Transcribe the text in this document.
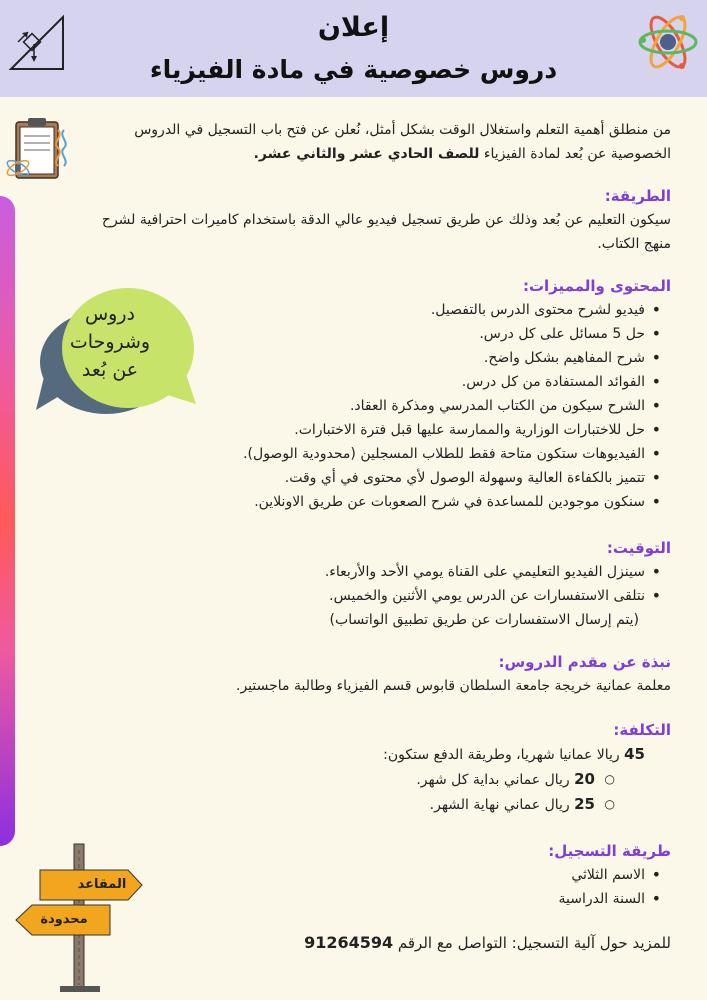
إعلان
دروس خصوصية في مادة الفيزياء
دروس
وشروحات
عن بُعد

من منطلق أهمية التعلم واستغلال الوقت بشكل أمثل، نُعلن عن فتح باب التسجيل في الدروس الخصوصية عن بُعد لمادة الفيزياء للصف الحادي عشر والثاني عشر.

الطريقة:

سيكون التعليم عن بُعد وذلك عن طريق تسجيل فيديو عالي الدقة باستخدام كاميرات احترافية لشرح منهج الكتاب.

المحتوى والمميزات:
• فيديو لشرح محتوى الدرس بالتفصيل.
• حل 5 مسائل على كل درس.
• شرح المفاهيم بشكل واضح.
• الفوائد المستفادة من كل درس.
• الشرح سيكون من الكتاب المدرسي ومذكرة العقاد.
• حل للاختبارات الوزارية والممارسة عليها قبل فترة الاختبارات.
• الفيديوهات ستكون متاحة فقط للطلاب المسجلين (محدودية الوصول).
• تتميز بالكفاءة العالية وسهولة الوصول لأي محتوى في أي وقت.
• سنكون موجودين للمساعدة في شرح الصعوبات عن طريق الاونلاين.
التوقيت:
• سينزل الفيديو التعليمي على القناة يومي الأحد والأربعاء.
• نتلقى الاستفسارات عن الدرس يومي الأثنين والخميس.

(يتم إرسال الاستفسارات عن طريق تطبيق الواتساب)

نبذة عن مقدم الدروس:

معلمة عمانية خريجة جامعة السلطان قابوس قسم الفيزياء وطالبة ماجستير.

التكلفة:

45 ريالا عمانيا شهريا، وطريقة الدفع ستكون:

○ 20 ريال عماني بداية كل شهر.
○ 25 ريال عماني نهاية الشهر.
طريقة التسجيل:
• الاسم الثلاثي
• السنة الدراسية

للمزيد حول آلية التسجيل: التواصل مع الرقم 91264594

المقاعد
محدودة
